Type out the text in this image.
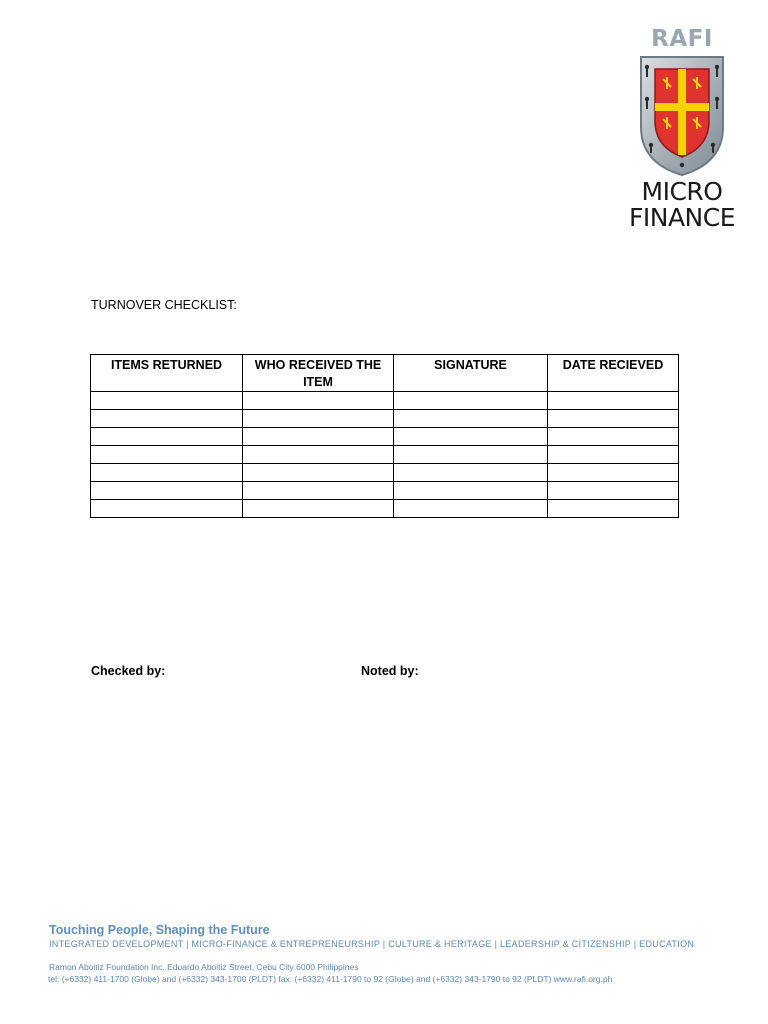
RAFI
MICRO
FINANCE
TURNOVER CHECKLIST:
ITEMS RETURNED	WHO RECEIVED THE ITEM	SIGNATURE	DATE RECIEVED

Checked by:	Noted by:

Touching People, Shaping the Future

INTEGRATED DEVELOPMENT | MICRO-FINANCE & ENTREPRENEURSHIP | CULTURE & HERITAGE | LEADERSHIP & CITIZENSHIP | EDUCATION

Ramon Aboitiz Foundation Inc. Eduardo Aboitiz Street, Cebu City 6000 Philippines

tel: (+6332) 411-1700 (Globe) and (+6332) 343-1700 (PLDT) fax: (+6332) 411-1790 to 92 (Globe) and (+6332) 343-1790 to 92 (PLDT) www.rafi.org.ph
